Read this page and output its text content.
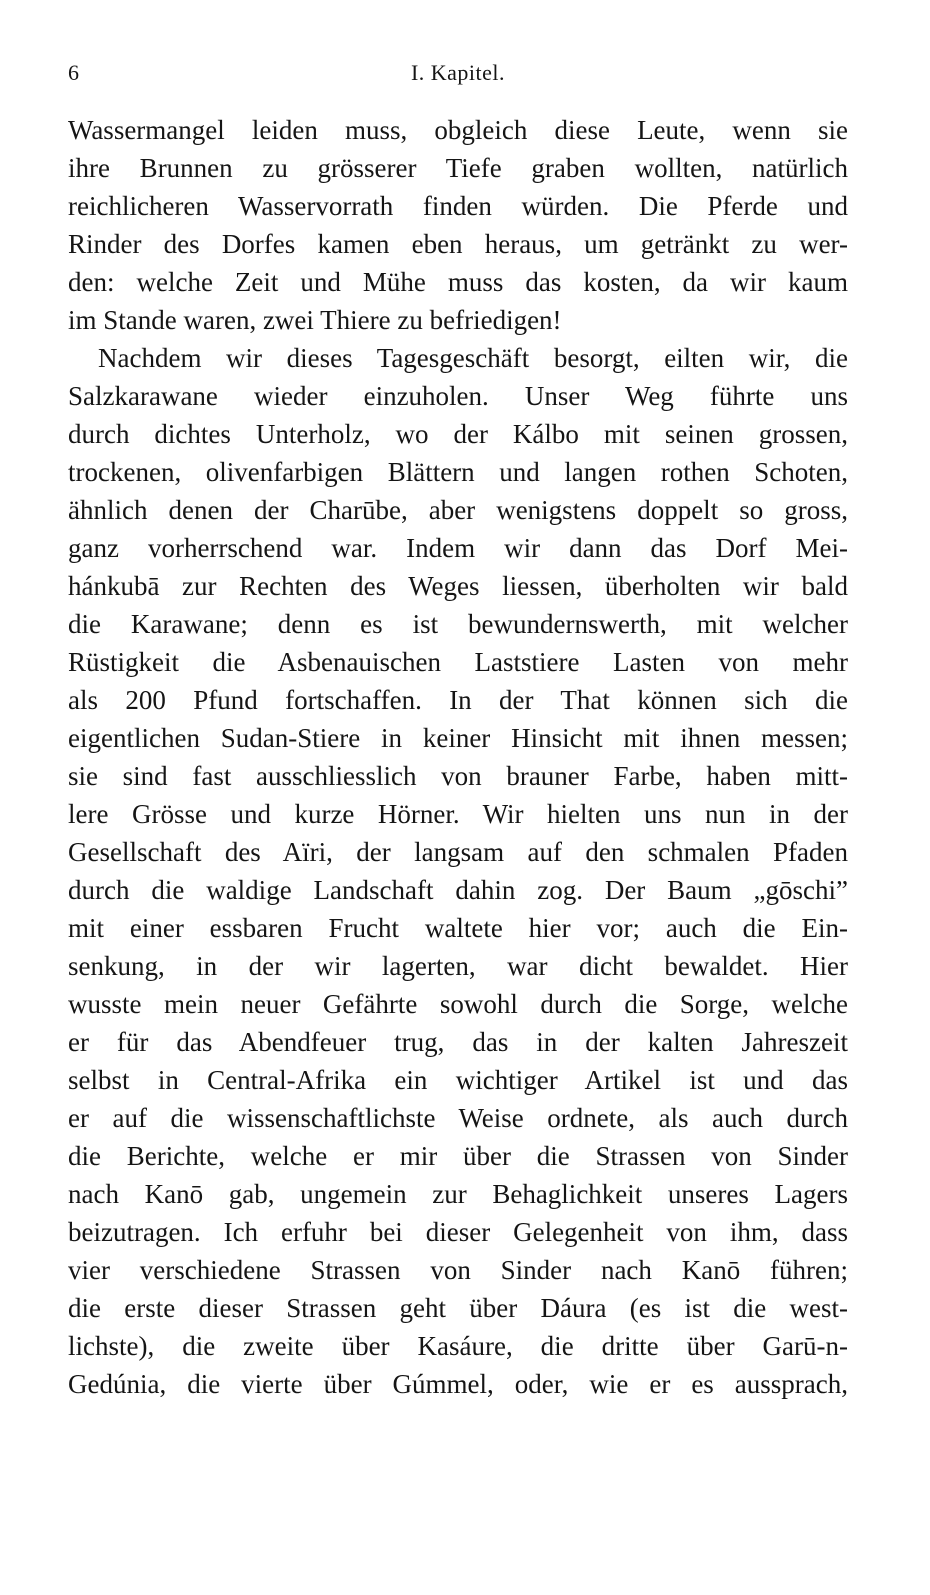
6	I. Kapitel.
Wassermangel leiden muss, obgleich diese Leute, wenn sie
ihre Brunnen zu grösserer Tiefe graben wollten, natürlich
reichlicheren Wasservorrath finden würden. Die Pferde und
Rinder des Dorfes kamen eben heraus, um getränkt zu wer-
den: welche Zeit und Mühe muss das kosten, da wir kaum
im Stande waren, zwei Thiere zu befriedigen!
Nachdem wir dieses Tagesgeschäft besorgt, eilten wir, die
Salzkarawane wieder einzuholen. Unser Weg führte uns
durch dichtes Unterholz, wo der Kálbo mit seinen grossen,
trockenen, olivenfarbigen Blättern und langen rothen Schoten,
ähnlich denen der Charūbe, aber wenigstens doppelt so gross,
ganz vorherrschend war. Indem wir dann das Dorf Mei-
hánkubā zur Rechten des Weges liessen, überholten wir bald
die Karawane; denn es ist bewundernswerth, mit welcher
Rüstigkeit die Asbenauischen Laststiere Lasten von mehr
als 200 Pfund fortschaffen. In der That können sich die
eigentlichen Sudan-Stiere in keiner Hinsicht mit ihnen messen;
sie sind fast ausschliesslich von brauner Farbe, haben mitt-
lere Grösse und kurze Hörner. Wir hielten uns nun in der
Gesellschaft des Aïri, der langsam auf den schmalen Pfaden
durch die waldige Landschaft dahin zog. Der Baum „gōschi”
mit einer essbaren Frucht waltete hier vor; auch die Ein-
senkung, in der wir lagerten, war dicht bewaldet. Hier
wusste mein neuer Gefährte sowohl durch die Sorge, welche
er für das Abendfeuer trug, das in der kalten Jahreszeit
selbst in Central-Afrika ein wichtiger Artikel ist und das
er auf die wissenschaftlichste Weise ordnete, als auch durch
die Berichte, welche er mir über die Strassen von Sinder
nach Kanō gab, ungemein zur Behaglichkeit unseres Lagers
beizutragen. Ich erfuhr bei dieser Gelegenheit von ihm, dass
vier verschiedene Strassen von Sinder nach Kanō führen;
die erste dieser Strassen geht über Dáura (es ist die west-
lichste), die zweite über Kasáure, die dritte über Garū-n-
Gedúnia, die vierte über Gúmmel, oder, wie er es aussprach,
